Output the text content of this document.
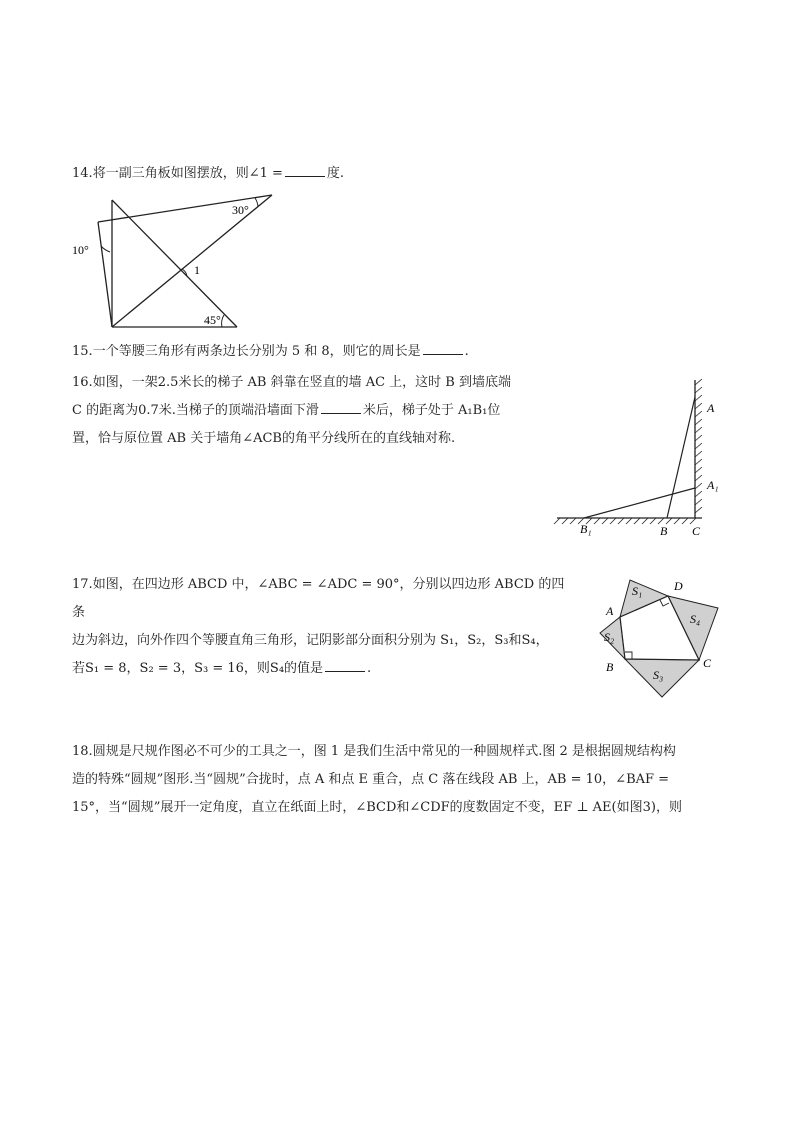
14.将一副三角板如图摆放，则∠1 =	度.
30°
10°
1
45°
15.一个等腰三角形有两条边长分别为 5 和 8，则它的周长是	.
16.如图，一架2.5米长的梯子 AB 斜靠在竖直的墙 AC 上，这时 B 到墙底端
C 的距离为0.7米.当梯子的顶端沿墙面下滑	米后，梯子处于 A₁B₁位
置，恰与原位置 AB 关于墙角∠ACB的角平分线所在的直线轴对称.
A
A₁
B₁	B C
17.如图，在四边形 ABCD 中，∠ABC = ∠ADC = 90°，分别以四边形 ABCD 的四条
边为斜边，向外作四个等腰直角三角形，记阴影部分面积分别为 S₁，S₂，S₃和S₄，
若S₁ = 8，S₂ = 3，S₃ = 16，则S₄的值是	.
A
B	C
D
S₁
S₂
S₃
S₄
18.圆规是尺规作图必不可少的工具之一，图 1 是我们生活中常见的一种圆规样式.图 2 是根据圆规结构构
造的特殊“圆规”图形.当“圆规”合拢时，点 A 和点 E 重合，点 C 落在线段 AB 上，AB = 10，∠BAF =
15°，当“圆规”展开一定角度，直立在纸面上时，∠BCD和∠CDF的度数固定不变，EF ⊥ AE(如图3)，则
